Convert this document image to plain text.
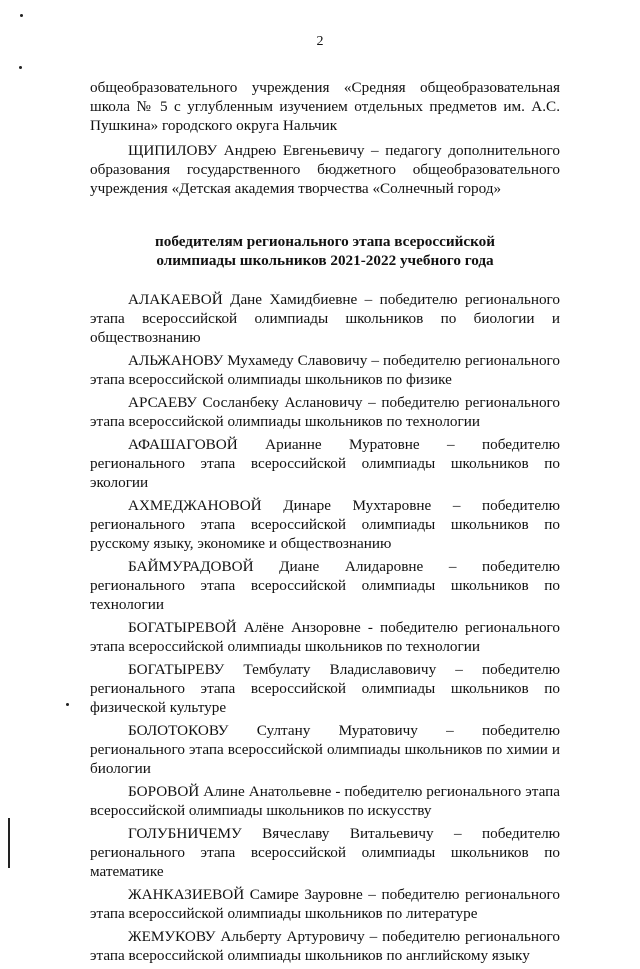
2

общеобразовательного учреждения «Средняя общеобразовательная школа № 5 с углубленным изучением отдельных предметов им. А.С. Пушкина» городского округа Нальчик

ЩИПИЛОВУ Андрею Евгеньевичу – педагогу дополнительного образования государственного бюджетного общеобразовательного учреждения «Детская академия творчества «Солнечный город»

победителям регионального этапа всероссийской
олимпиады школьников 2021-2022 учебного года

АЛАКАЕВОЙ Дане Хамидбиевне – победителю регионального этапа всероссийской олимпиады школьников по биологии и обществознанию

АЛЬЖАНОВУ Мухамеду Славовичу – победителю регионального этапа всероссийской олимпиады школьников по физике

АРСАЕВУ Сосланбеку Аслановичу – победителю регионального этапа всероссийской олимпиады школьников по технологии

АФАШАГОВОЙ Арианне Муратовне – победителю регионального этапа всероссийской олимпиады школьников по экологии

АХМЕДЖАНОВОЙ Динаре Мухтаровне – победителю регионального этапа всероссийской олимпиады школьников по русскому языку, экономике и обществознанию

БАЙМУРАДОВОЙ Диане Алидаровне – победителю регионального этапа всероссийской олимпиады школьников по технологии

БОГАТЫРЕВОЙ Алёне Анзоровне - победителю регионального этапа всероссийской олимпиады школьников по технологии

БОГАТЫРЕВУ Тембулату Владиславовичу – победителю регионального этапа всероссийской олимпиады школьников по физической культуре

БОЛОТОКОВУ Султану Муратовичу – победителю регионального этапа всероссийской олимпиады школьников по химии и биологии

БОРОВОЙ Алине Анатольевне - победителю регионального этапа всероссийской олимпиады школьников по искусству

ГОЛУБНИЧЕМУ Вячеславу Витальевичу – победителю регионального этапа всероссийской олимпиады школьников по математике

ЖАНКАЗИЕВОЙ Самире Зауровне – победителю регионального этапа всероссийской олимпиады школьников по литературе

ЖЕМУКОВУ Альберту Артуровичу – победителю регионального этапа всероссийской олимпиады школьников по английскому языку
